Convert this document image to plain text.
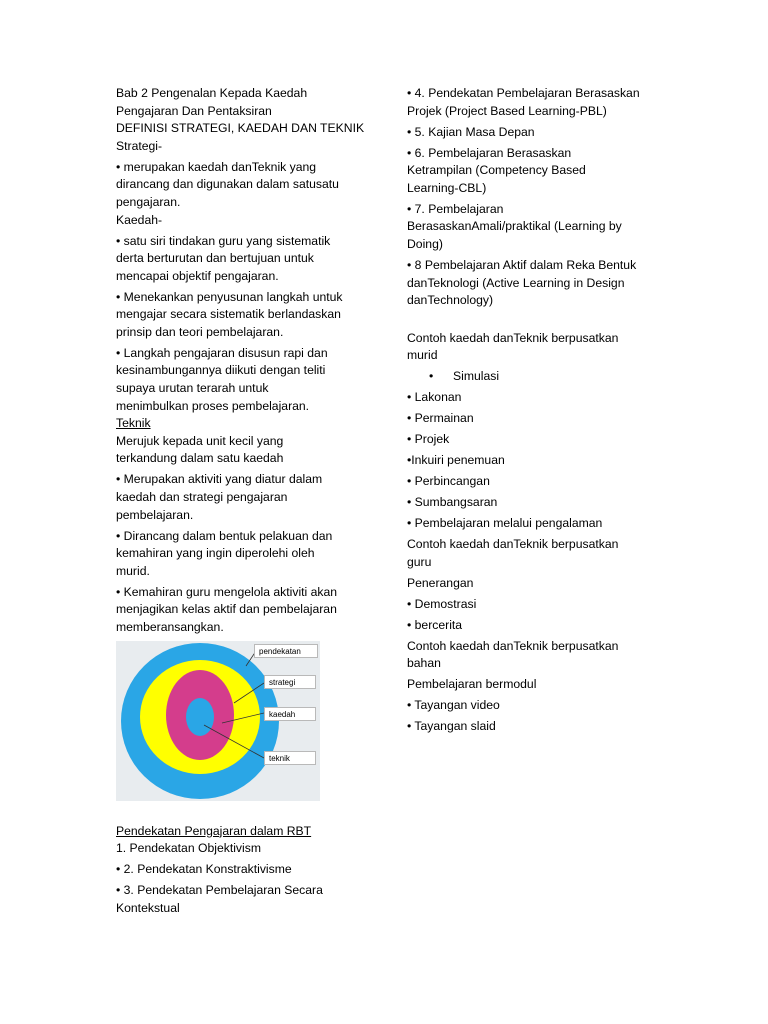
Bab 2 Pengenalan Kepada Kaedah

Pengajaran Dan Pentaksiran

DEFINISI STRATEGI, KAEDAH DAN TEKNIK

Strategi-

• merupakan kaedah danTeknik yang

dirancang dan digunakan dalam satusatu

pengajaran.

Kaedah-

• satu siri tindakan guru yang sistematik

derta berturutan dan bertujuan untuk

mencapai objektif pengajaran.

• Menekankan penyusunan langkah untuk

mengajar secara sistematik berlandaskan

prinsip dan teori pembelajaran.

• Langkah pengajaran disusun rapi dan

kesinambungannya diikuti dengan teliti

supaya urutan terarah untuk

menimbulkan proses pembelajaran.

Teknik

Merujuk kepada unit kecil yang

terkandung dalam satu kaedah

• Merupakan aktiviti yang diatur dalam

kaedah dan strategi pengajaran

pembelajaran.

• Dirancang dalam bentuk pelakuan dan

kemahiran yang ingin diperolehi oleh

murid.

• Kemahiran guru mengelola aktiviti akan

menjagikan kelas aktif dan pembelajaran

memberansangkan.

pendekatan
strategi
kaedah
teknik

Pendekatan Pengajaran dalam RBT

1. Pendekatan Objektivism

• 2. Pendekatan Konstraktivisme

• 3. Pendekatan Pembelajaran Secara

Kontekstual

• 4. Pendekatan Pembelajaran Berasaskan

Projek (Project Based Learning-PBL)

• 5. Kajian Masa Depan

• 6. Pembelajaran Berasaskan

Ketrampilan (Competency Based

Learning-CBL)

• 7. Pembelajaran

BerasaskanAmali/praktikal (Learning by

Doing)

• 8 Pembelajaran Aktif dalam Reka Bentuk

danTeknologi (Active Learning in Design

danTechnology)

Contoh kaedah danTeknik berpusatkan

murid

• Simulasi

• Lakonan

• Permainan

• Projek

•Inkuiri penemuan

• Perbincangan

• Sumbangsaran

• Pembelajaran melalui pengalaman

Contoh kaedah danTeknik berpusatkan

guru

Penerangan

• Demostrasi

• bercerita

Contoh kaedah danTeknik berpusatkan

bahan

Pembelajaran bermodul

• Tayangan video

• Tayangan slaid
